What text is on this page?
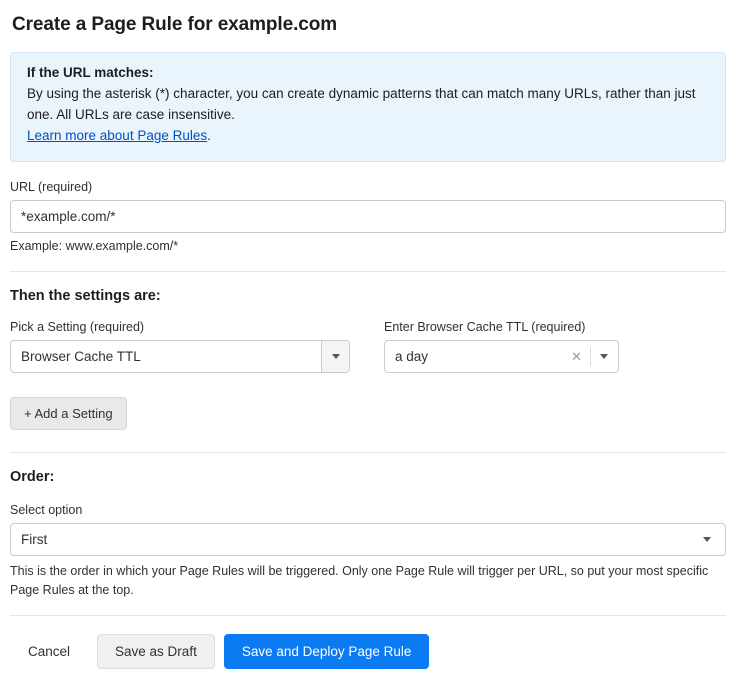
Create a Page Rule for example.com
If the URL matches:
By using the asterisk (*) character, you can create dynamic patterns that can match many URLs, rather than just one. All URLs are case insensitive.
Learn more about Page Rules.
URL (required)
*example.com/*
Example: www.example.com/*
Then the settings are:
Pick a Setting (required)
Browser Cache TTL
Enter Browser Cache TTL (required)
a day	✕
+ Add a Setting
Order:
Select option
First
This is the order in which your Page Rules will be triggered. Only one Page Rule will trigger per URL, so put your most specific Page Rules at the top.
Cancel	Save as Draft	Save and Deploy Page Rule
